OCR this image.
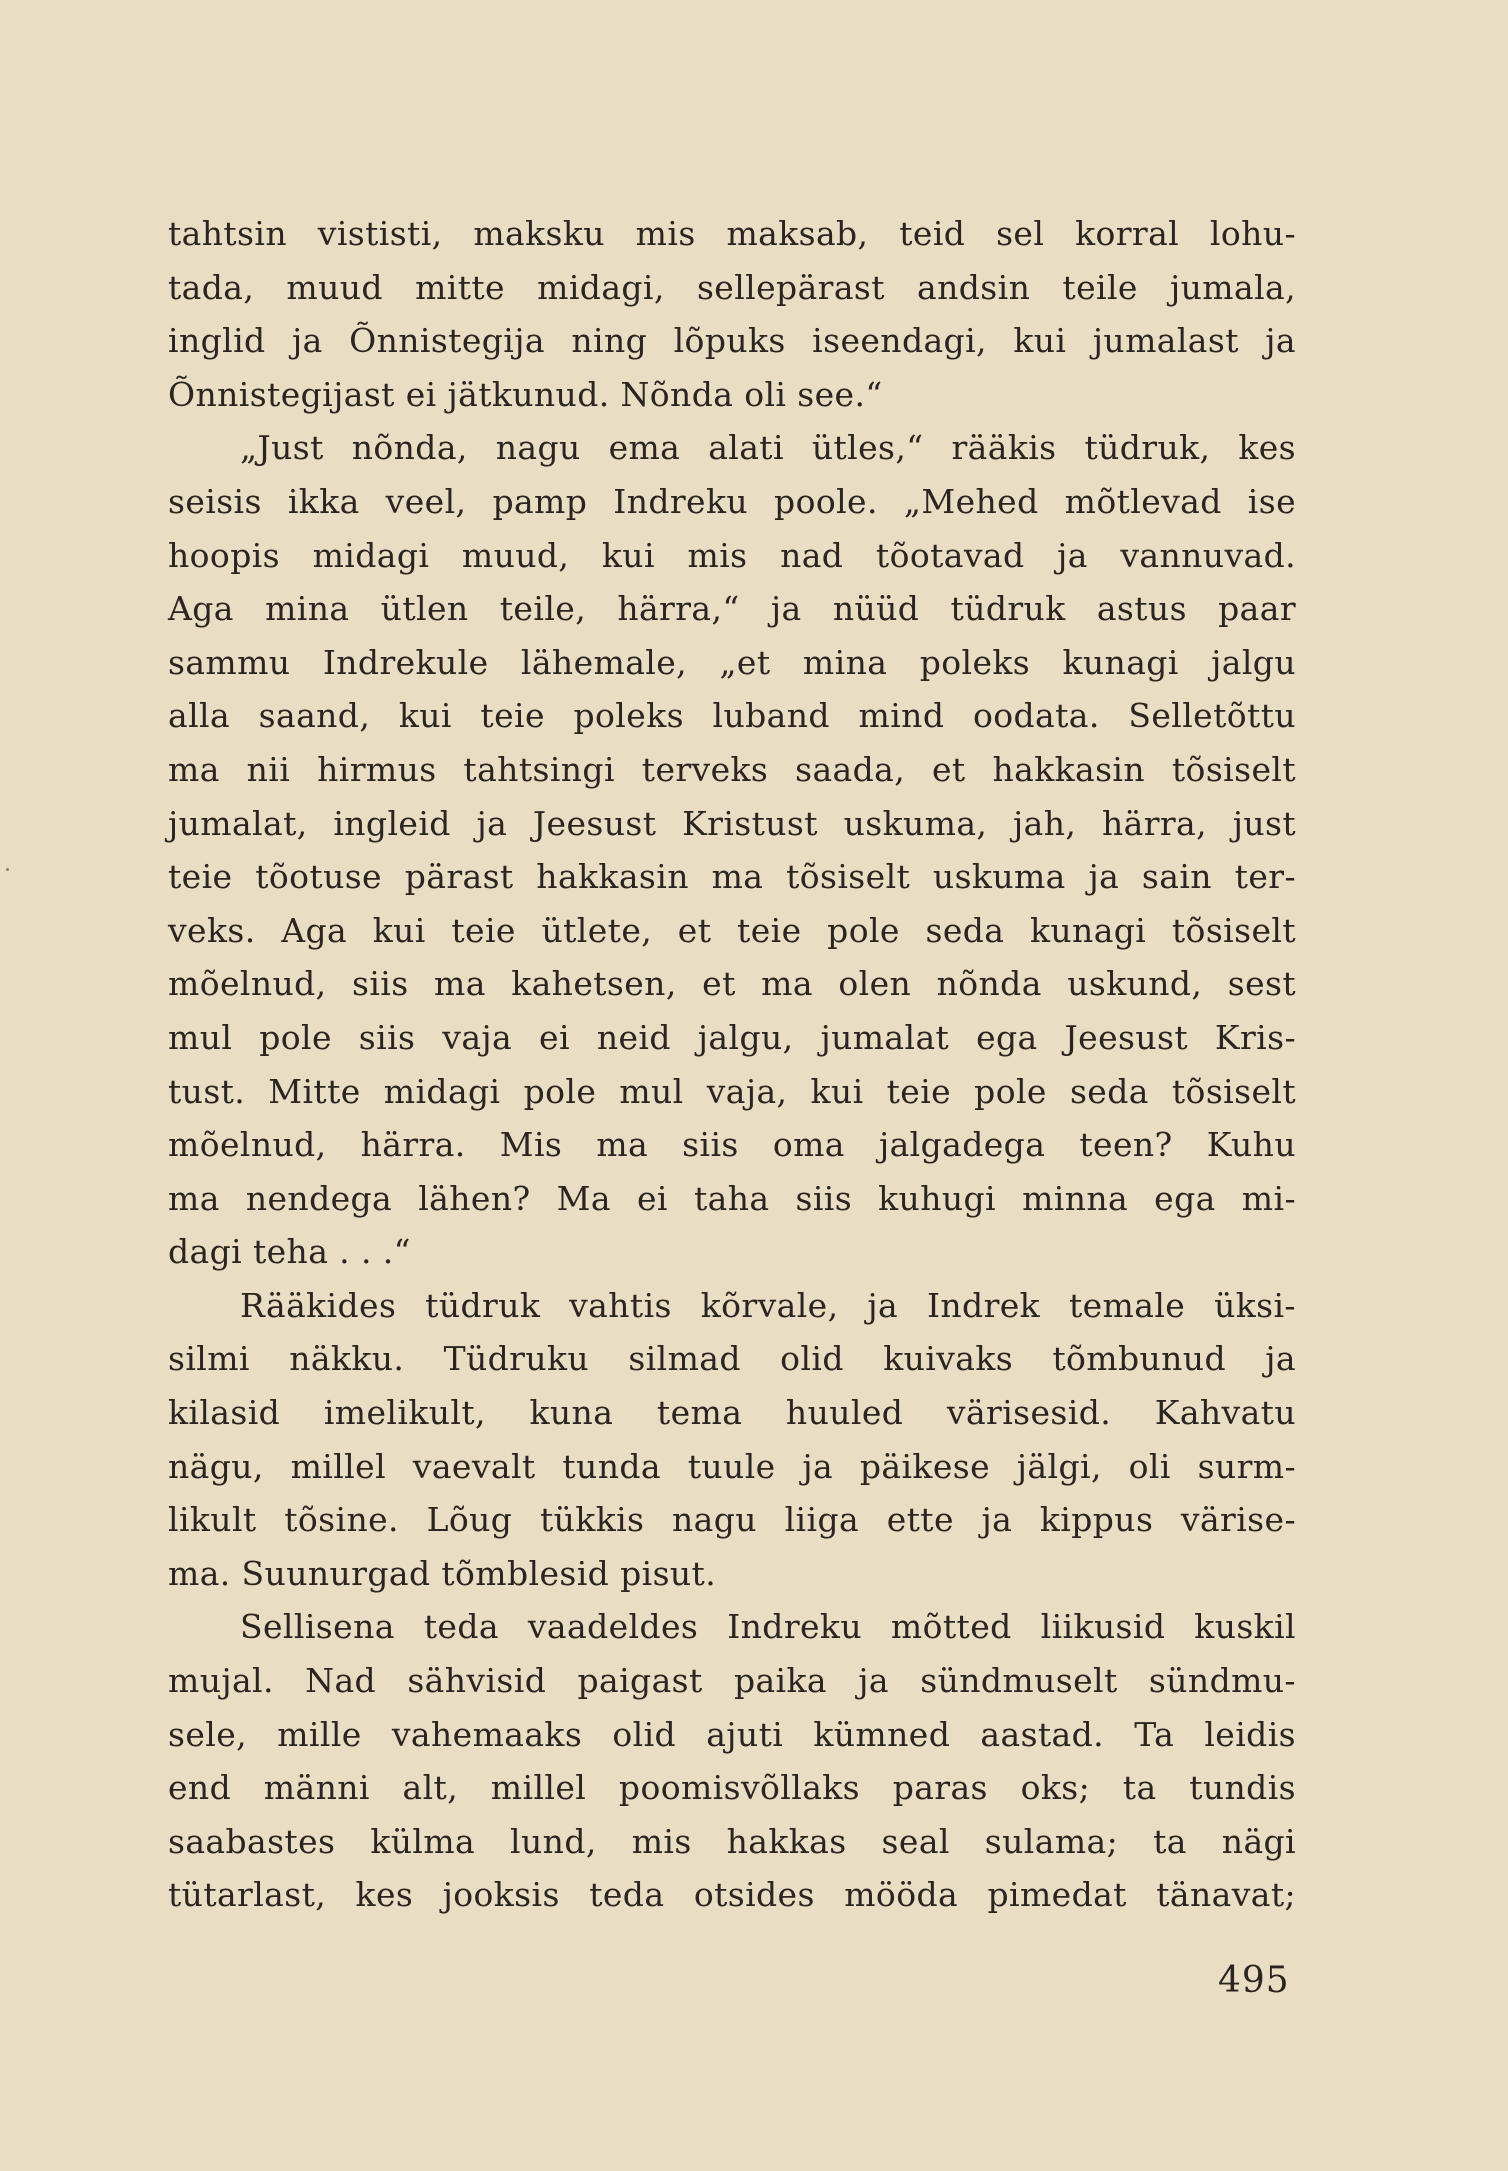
tahtsin vististi, maksku mis maksab, teid sel korral lohu-
tada, muud mitte midagi, sellepärast andsin teile jumala,
inglid ja Õnnistegija ning lõpuks iseendagi, kui jumalast ja
Õnnistegijast ei jätkunud. Nõnda oli see.“
„Just nõnda, nagu ema alati ütles,“ rääkis tüdruk, kes
seisis ikka veel, pamp Indreku poole. „Mehed mõtlevad ise
hoopis midagi muud, kui mis nad tõotavad ja vannuvad.
Aga mina ütlen teile, härra,“ ja nüüd tüdruk astus paar
sammu Indrekule lähemale, „et mina poleks kunagi jalgu
alla saand, kui teie poleks luband mind oodata. Selletõttu
ma nii hirmus tahtsingi terveks saada, et hakkasin tõsiselt
jumalat, ingleid ja Jeesust Kristust uskuma, jah, härra, just
teie tõotuse pärast hakkasin ma tõsiselt uskuma ja sain ter-
veks. Aga kui teie ütlete, et teie pole seda kunagi tõsiselt
mõelnud, siis ma kahetsen, et ma olen nõnda uskund, sest
mul pole siis vaja ei neid jalgu, jumalat ega Jeesust Kris-
tust. Mitte midagi pole mul vaja, kui teie pole seda tõsiselt
mõelnud, härra. Mis ma siis oma jalgadega teen? Kuhu
ma nendega lähen? Ma ei taha siis kuhugi minna ega mi-
dagi teha . . .“
Rääkides tüdruk vahtis kõrvale, ja Indrek temale üksi-
silmi näkku. Tüdruku silmad olid kuivaks tõmbunud ja
kilasid imelikult, kuna tema huuled värisesid. Kahvatu
nägu, millel vaevalt tunda tuule ja päikese jälgi, oli surm-
likult tõsine. Lõug tükkis nagu liiga ette ja kippus värise-
ma. Suunurgad tõmblesid pisut.
Sellisena teda vaadeldes Indreku mõtted liikusid kuskil
mujal. Nad sähvisid paigast paika ja sündmuselt sündmu-
sele, mille vahemaaks olid ajuti kümned aastad. Ta leidis
end männi alt, millel poomisvõllaks paras oks; ta tundis
saabastes külma lund, mis hakkas seal sulama; ta nägi
tütarlast, kes jooksis teda otsides mööda pimedat tänavat;
495
